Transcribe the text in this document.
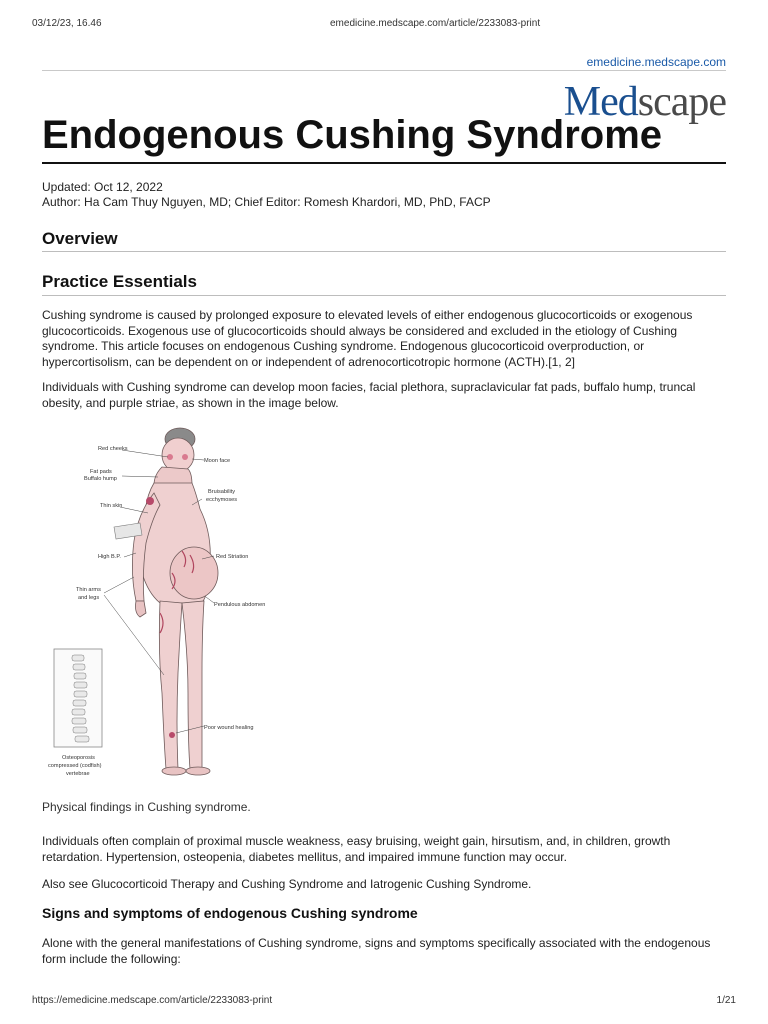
03/12/23, 16.46	emedicine.medscape.com/article/2233083-print
emedicine.medscape.com
Medscape
Endogenous Cushing Syndrome
Updated: Oct 12, 2022
Author: Ha Cam Thuy Nguyen, MD; Chief Editor: Romesh Khardori, MD, PhD, FACP
Overview
Practice Essentials

Cushing syndrome is caused by prolonged exposure to elevated levels of either endogenous glucocorticoids or exogenous glucocorticoids. Exogenous use of glucocorticoids should always be considered and excluded in the etiology of Cushing syndrome. This article focuses on endogenous Cushing syndrome. Endogenous glucocorticoid overproduction, or hypercortisolism, can be dependent on or independent of adrenocorticotropic hormone (ACTH).[1, 2]

Individuals with Cushing syndrome can develop moon facies, facial plethora, supraclavicular fat pads, buffalo hump, truncal obesity, and purple striae, as shown in the image below.

Red cheeks
Moon face
Fat pads
Buffalo hump
Thin skin
Bruisability
ecchymoses
High B.P.	Red Striation
Thin arms
and legs
Pendulous abdomen
Poor wound healing
Osteoporosis
compressed (codfish)
vertebrae
Physical findings in Cushing syndrome.

Individuals often complain of proximal muscle weakness, easy bruising, weight gain, hirsutism, and, in children, growth retardation. Hypertension, osteopenia, diabetes mellitus, and impaired immune function may occur.

Also see Glucocorticoid Therapy and Cushing Syndrome and Iatrogenic Cushing Syndrome.

Signs and symptoms of endogenous Cushing syndrome

Alone with the general manifestations of Cushing syndrome, signs and symptoms specifically associated with the endogenous form include the following:

https://emedicine.medscape.com/article/2233083-print	1/21
